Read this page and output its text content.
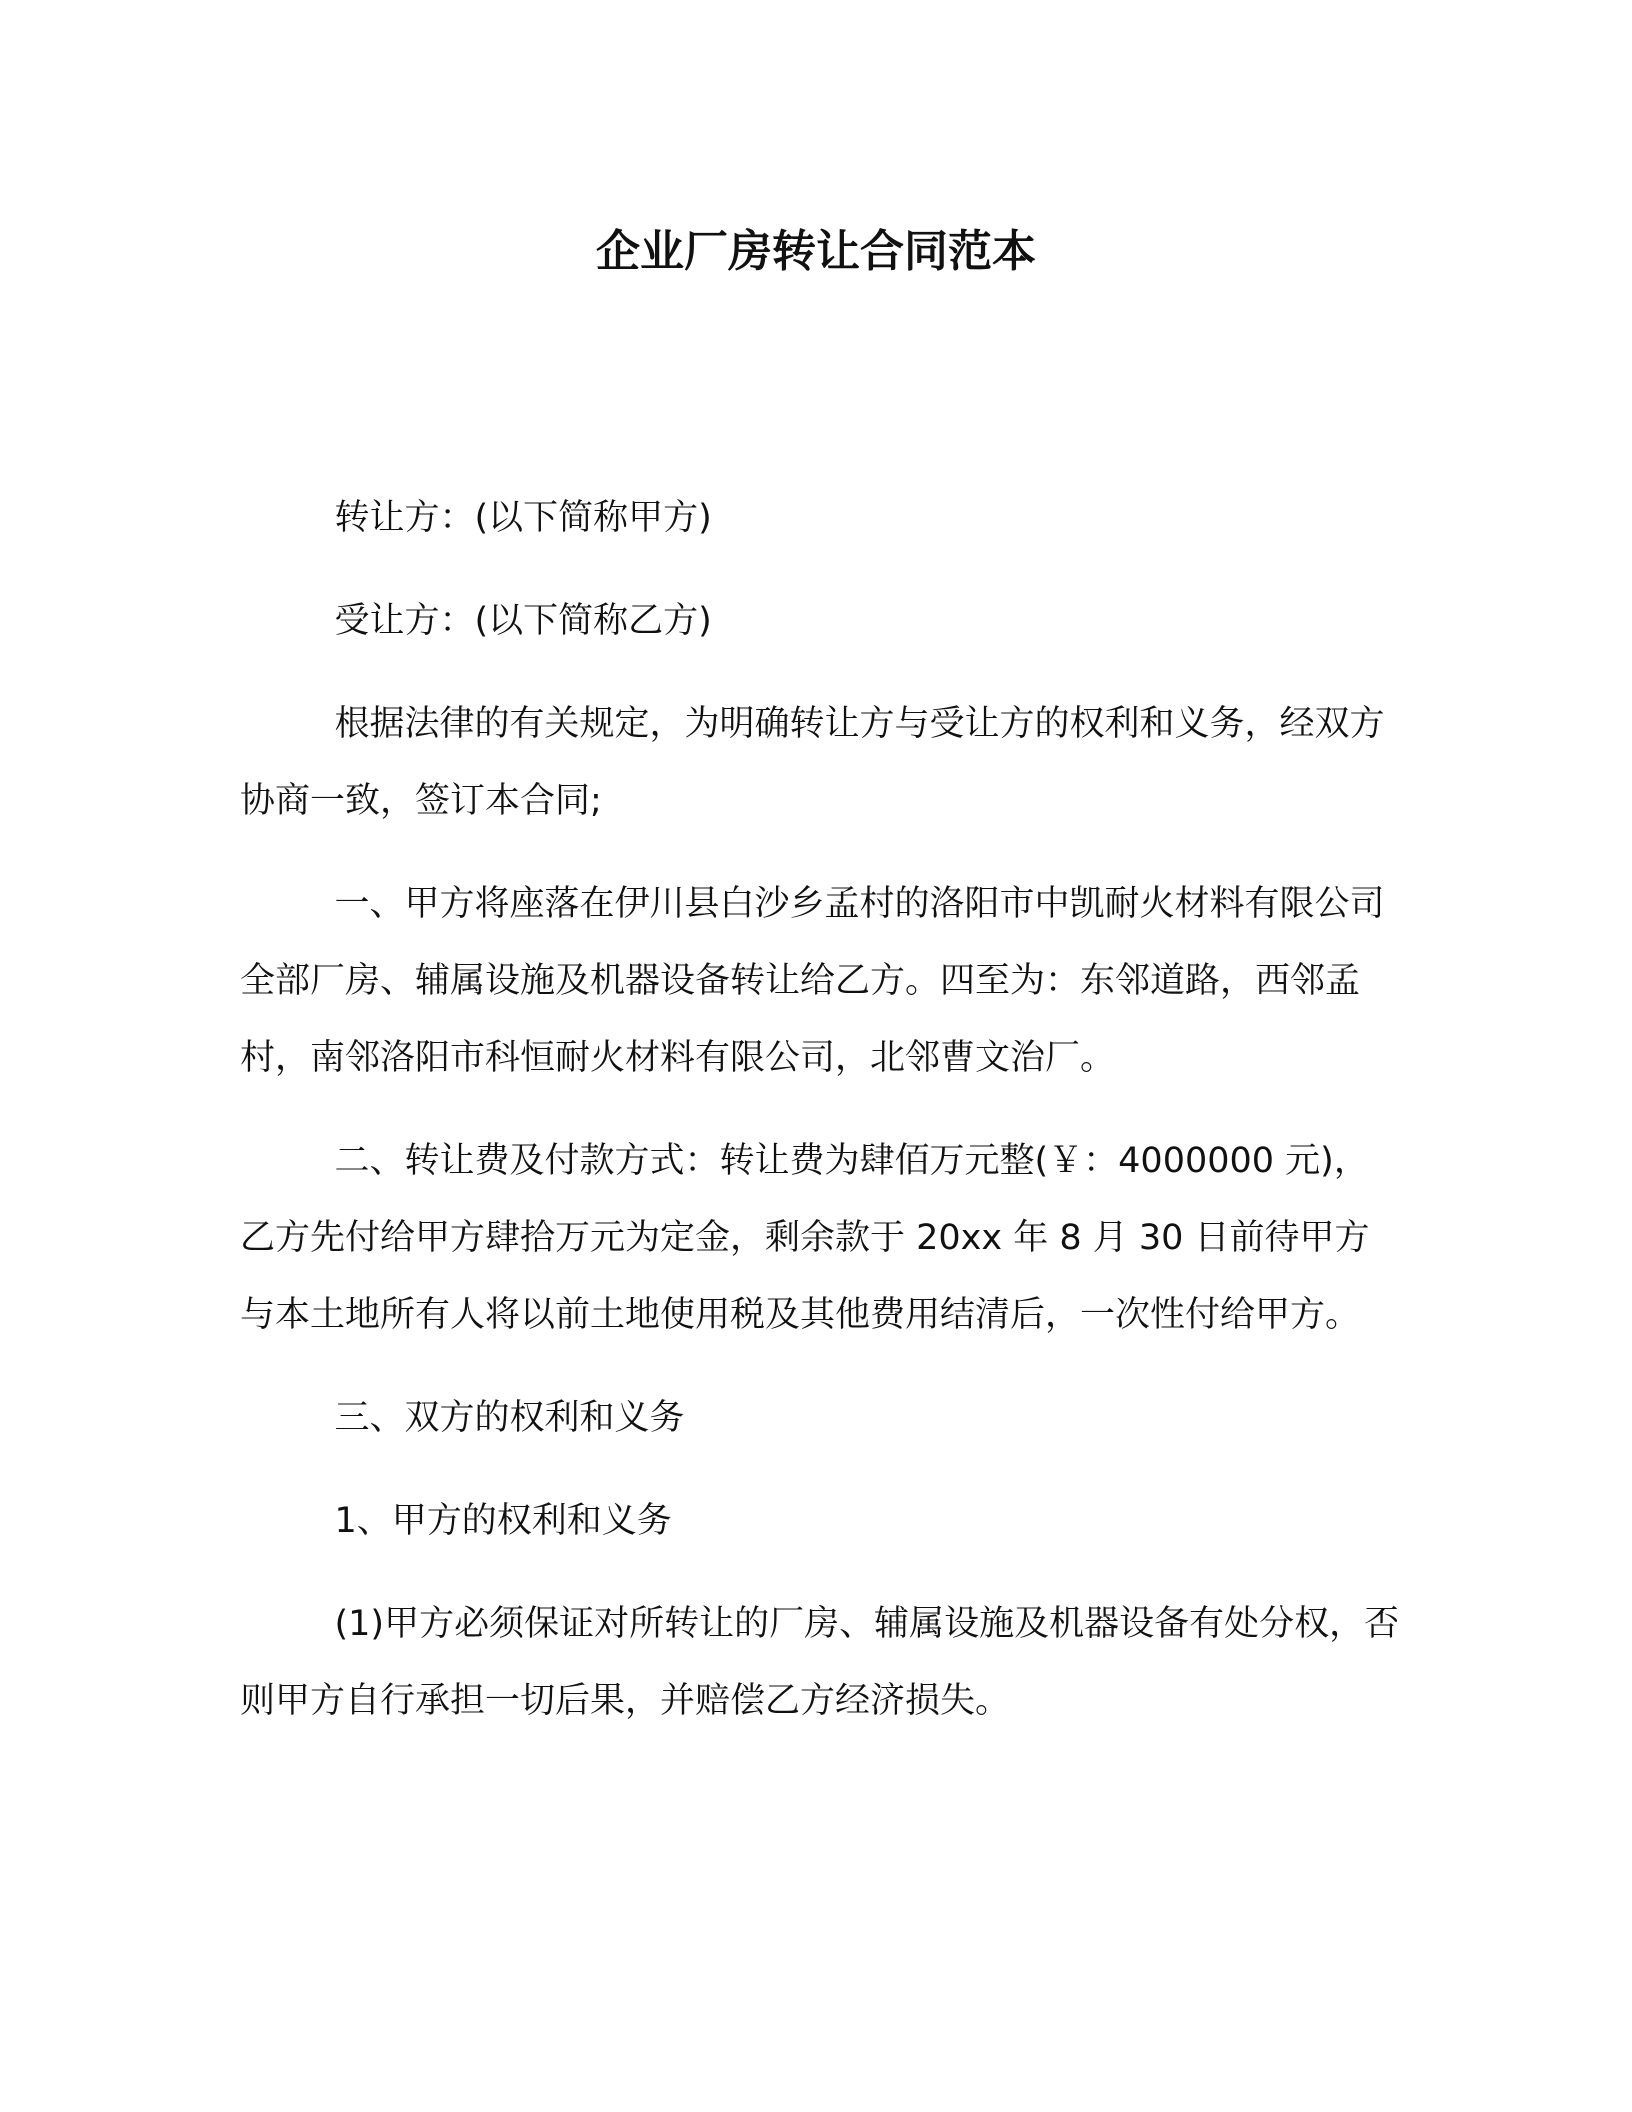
企业厂房转让合同范本

转让方：(以下简称甲方)

受让方：(以下简称乙方)

根据法律的有关规定，为明确转让方与受让方的权利和义务，经双方协商一致，签订本合同;

一、甲方将座落在伊川县白沙乡孟村的洛阳市中凯耐火材料有限公司全部厂房、辅属设施及机器设备转让给乙方。四至为：东邻道路，西邻孟村，南邻洛阳市科恒耐火材料有限公司，北邻曹文治厂。

二、转让费及付款方式：转让费为肆佰万元整(￥：4000000 元)，乙方先付给甲方肆拾万元为定金，剩余款于 20xx 年 8 月 30 日前待甲方与本土地所有人将以前土地使用税及其他费用结清后，一次性付给甲方。

三、双方的权利和义务

1、甲方的权利和义务

(1)甲方必须保证对所转让的厂房、辅属设施及机器设备有处分权，否则甲方自行承担一切后果，并赔偿乙方经济损失。
